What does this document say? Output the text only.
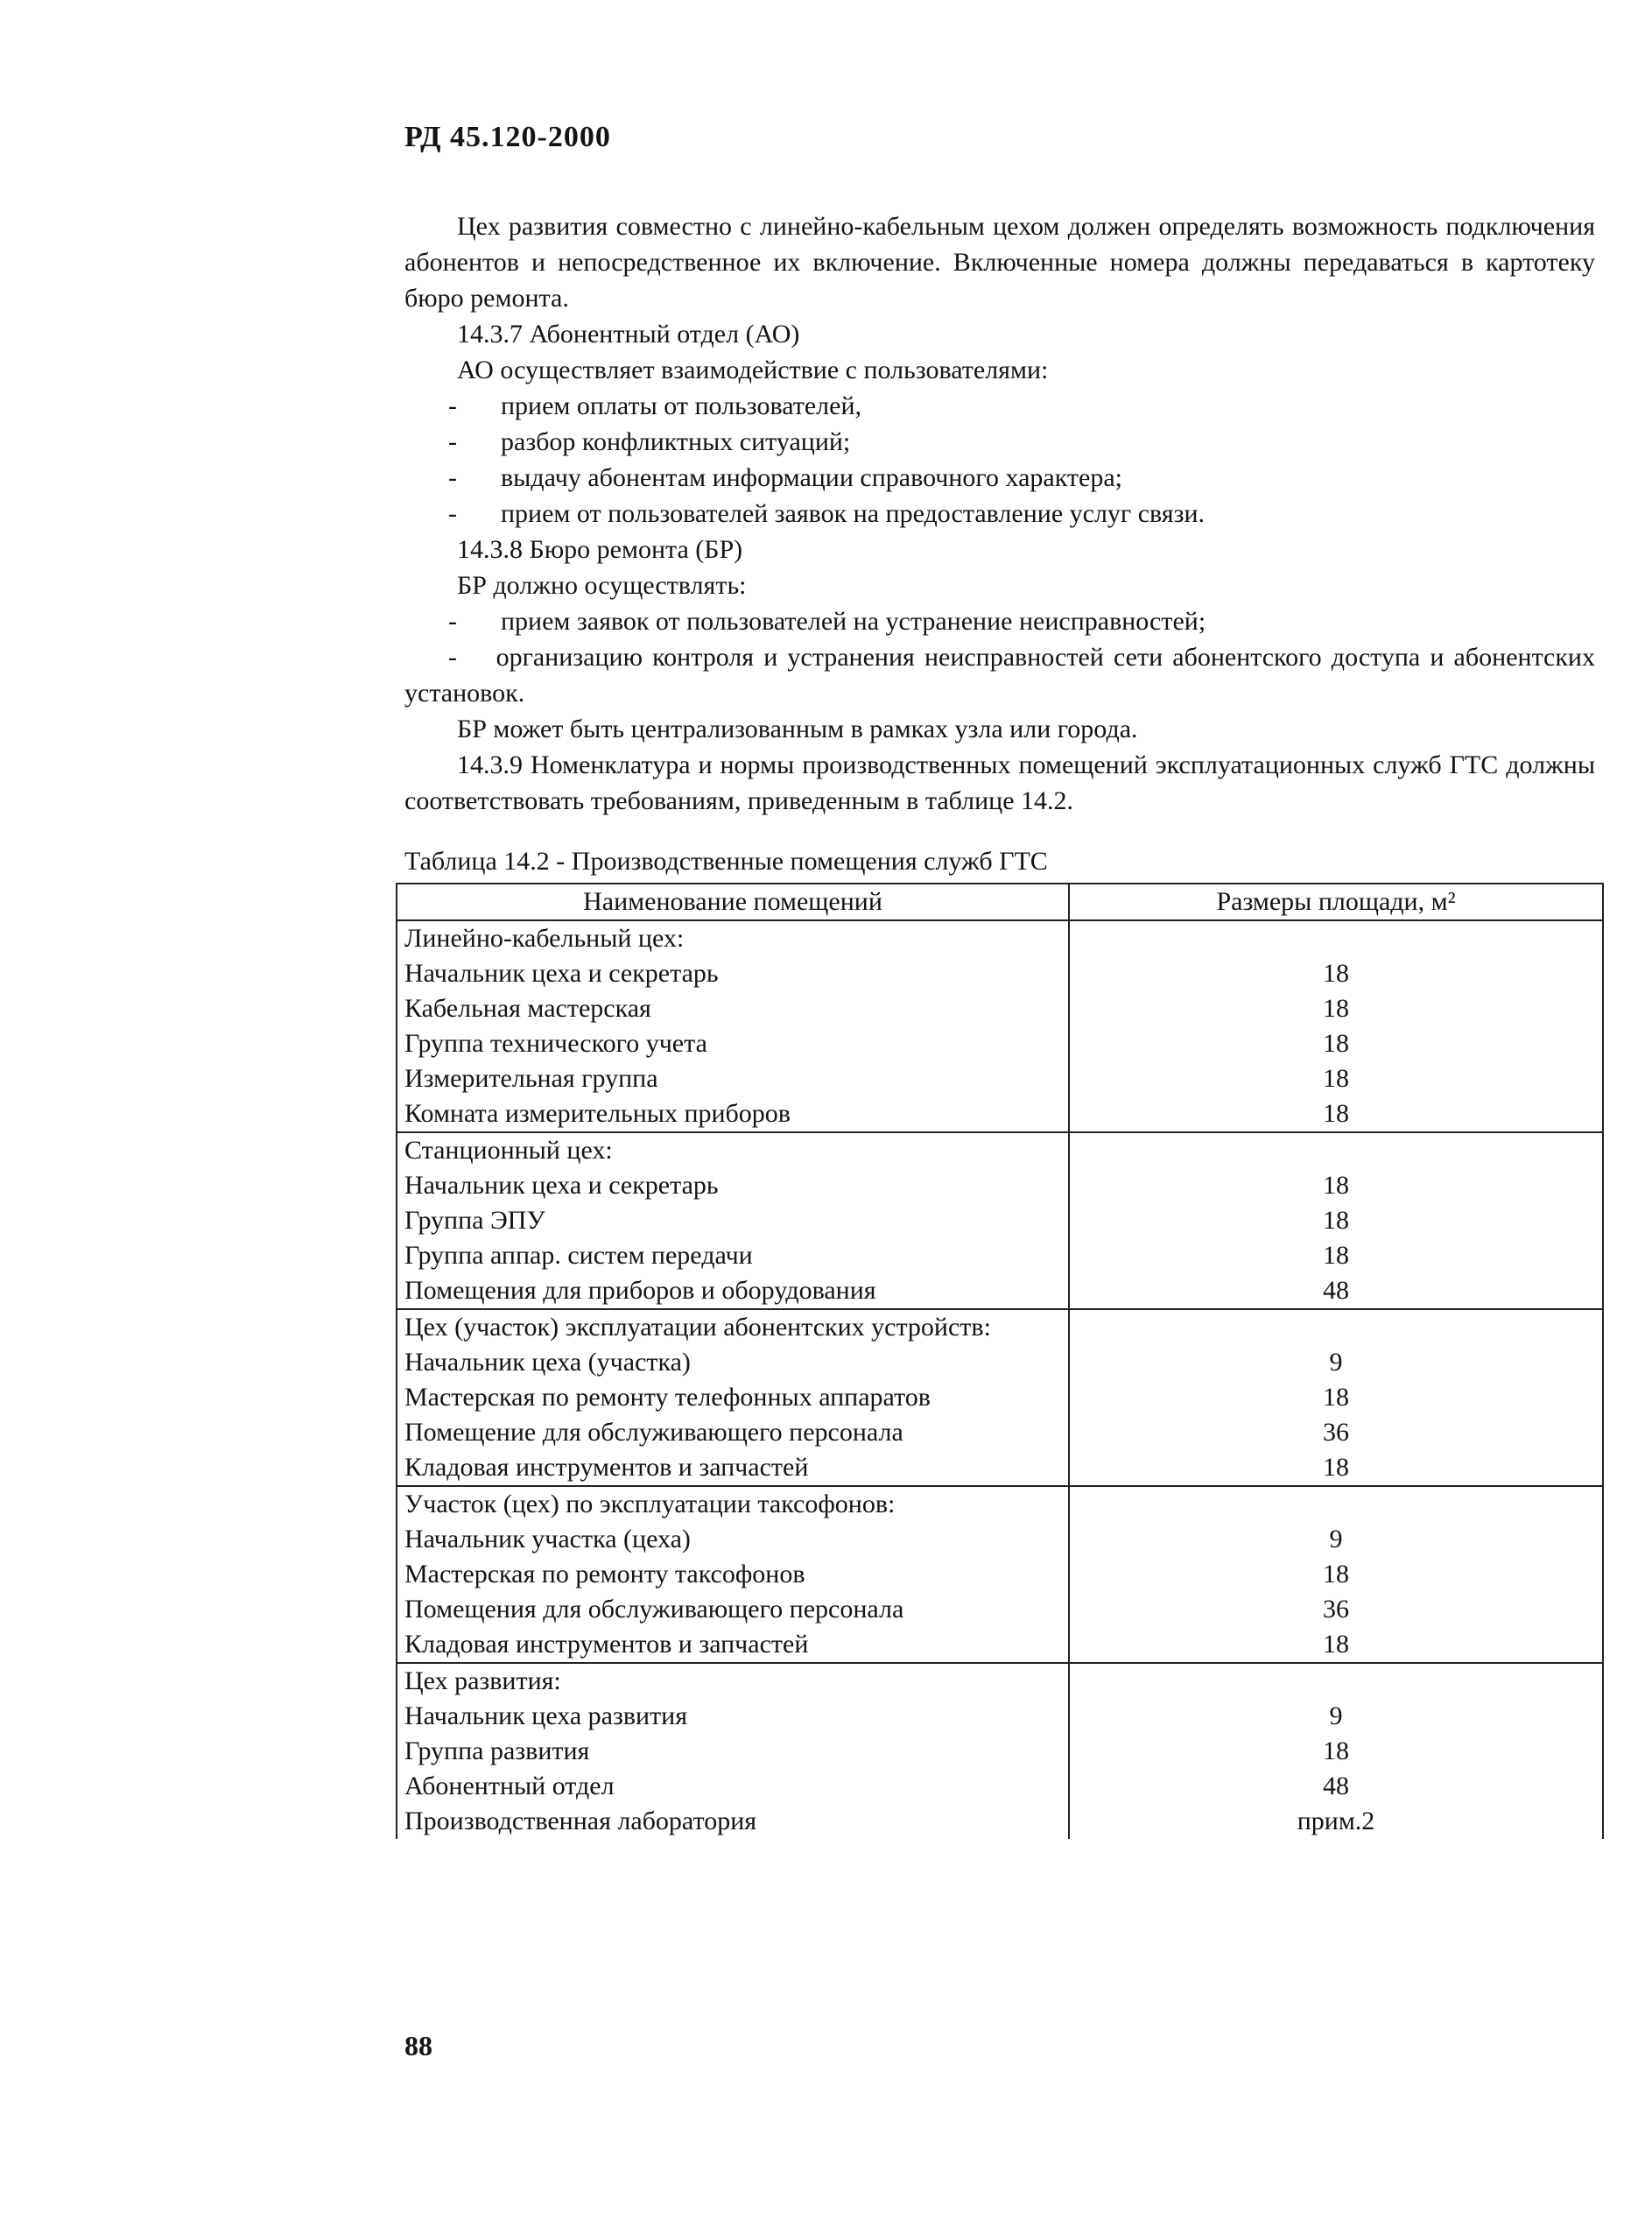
РД 45.120-2000

Цех развития совместно с линейно-кабельным цехом должен определять возможность подключения абонентов и непосредственное их включение. Включенные номера должны передаваться в картотеку бюро ремонта.

14.3.7 Абонентный отдел (АО)

АО осуществляет взаимодействие с пользователями:

-	прием оплаты от пользователей,

-	разбор конфликтных ситуаций;

-	выдачу абонентам информации справочного характера;

-	прием от пользователей заявок на предоставление услуг связи.

14.3.8 Бюро ремонта (БР)

БР должно осуществлять:

-	прием заявок от пользователей на устранение неисправностей;

-    организацию контроля и устранения неисправностей сети абонентского доступа и абонентских установок.

БР может быть централизованным в рамках узла или города.

14.3.9 Номенклатура и нормы производственных помещений эксплуатационных служб ГТС должны соответствовать требованиям, приведенным в таблице 14.2.

Таблица 14.2 - Производственные помещения служб ГТС
Наименование помещений	Размеры площади, м²
Линейно-кабельный цех:	
Начальник цеха и секретарь	18
Кабельная мастерская	18
Группа технического учета	18
Измерительная группа	18
Комната измерительных приборов	18
Станционный цех:	
Начальник цеха и секретарь	18
Группа ЭПУ	18
Группа аппар. систем передачи	18
Помещения для приборов и оборудования	48
Цех (участок) эксплуатации абонентских устройств:	
Начальник цеха (участка)	9
Мастерская по ремонту телефонных аппаратов	18
Помещение для обслуживающего персонала	36
Кладовая инструментов и запчастей	18
Участок (цех) по эксплуатации таксофонов:	
Начальник участка (цеха)	9
Мастерская по ремонту таксофонов	18
Помещения для обслуживающего персонала	36
Кладовая инструментов и запчастей	18
Цех развития:	
Начальник цеха развития	9
Группа развития	18
Абонентный отдел	48
Производственная лаборатория	прим.2
88
